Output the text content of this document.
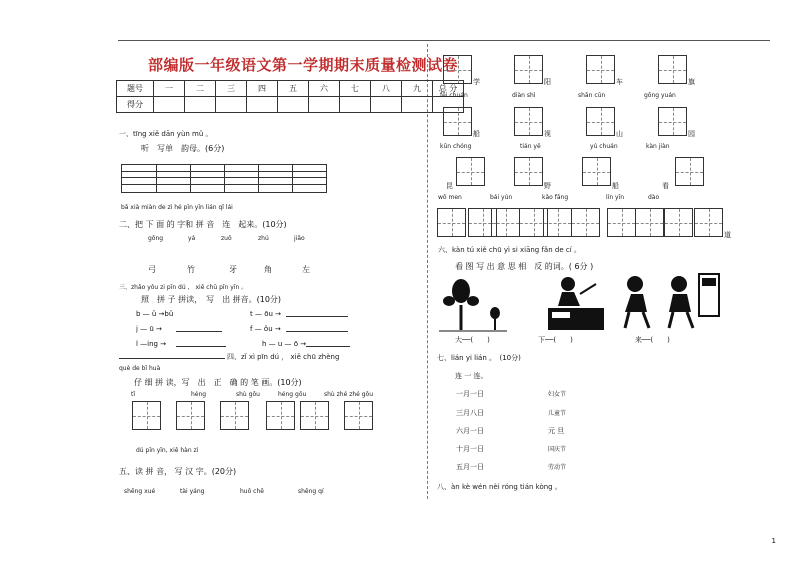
部编版一年级语文第一学期期末质量检测试卷
题号	一	二	三	四	五	六	七	八	九	总 分
得分										
一、tīng xiě dān yùn mǔ 。
听　写单　韵母。(6分)
bǎ xià miàn de zì hé pīn yīn lián qǐ lái
二、把 下 面 的 字和 拼 音　连　起来。(10分)
gōng	yá	zuǒ	zhú	jiǎo
弓	竹	牙	角	左
三、zhǎo yǒu zi pīn dú ， xiě chū pīn yīn 。
照　拼 子 拼读，　写　出 拼音。(10分)
b — ǔ →bǔ	t — ōu →
j — ū →	f — ǒu →
l —ing →	h — u — ō →
四、zǐ xì pīn dú ， xiě chū zhèng
què de bǐ huà
仔 细 拼 读，写　出　正　确 的 笔 画。(10分)
tǐ	héng	shù gōu	héng gōu	shù zhé zhé gōu
dú pīn yīn, xiě hàn zì
五、读 拼 音， 写 汉 字。(20分)
shēng xué	tài yáng	huǒ chē	shēng qí
学	阳	车	旗
fēi chuán	diàn shì	shān cūn	gōng yuán
船	视	山	园
kūn chóng	tián yě	yú chuán	kàn jiàn
昆	野	船	看
wǒ men	bái yún	kǎo fāng	lín yīn	dào
道
六、kàn tú xiě chū yì si xiāng fǎn de cí 。
看 图 写 出 意 思 相　反 的词。( 6分 )
大──(　　)	下──(　　)	来──(　　)
七、lián yi lián 。　(10分)
连 一 连。
一月一日
三月八日
六月一日
十月一日
五月一日
妇女节
儿童节
元 旦
国庆节
劳动节
八、àn kè wén nèi róng tián kòng 。
1
